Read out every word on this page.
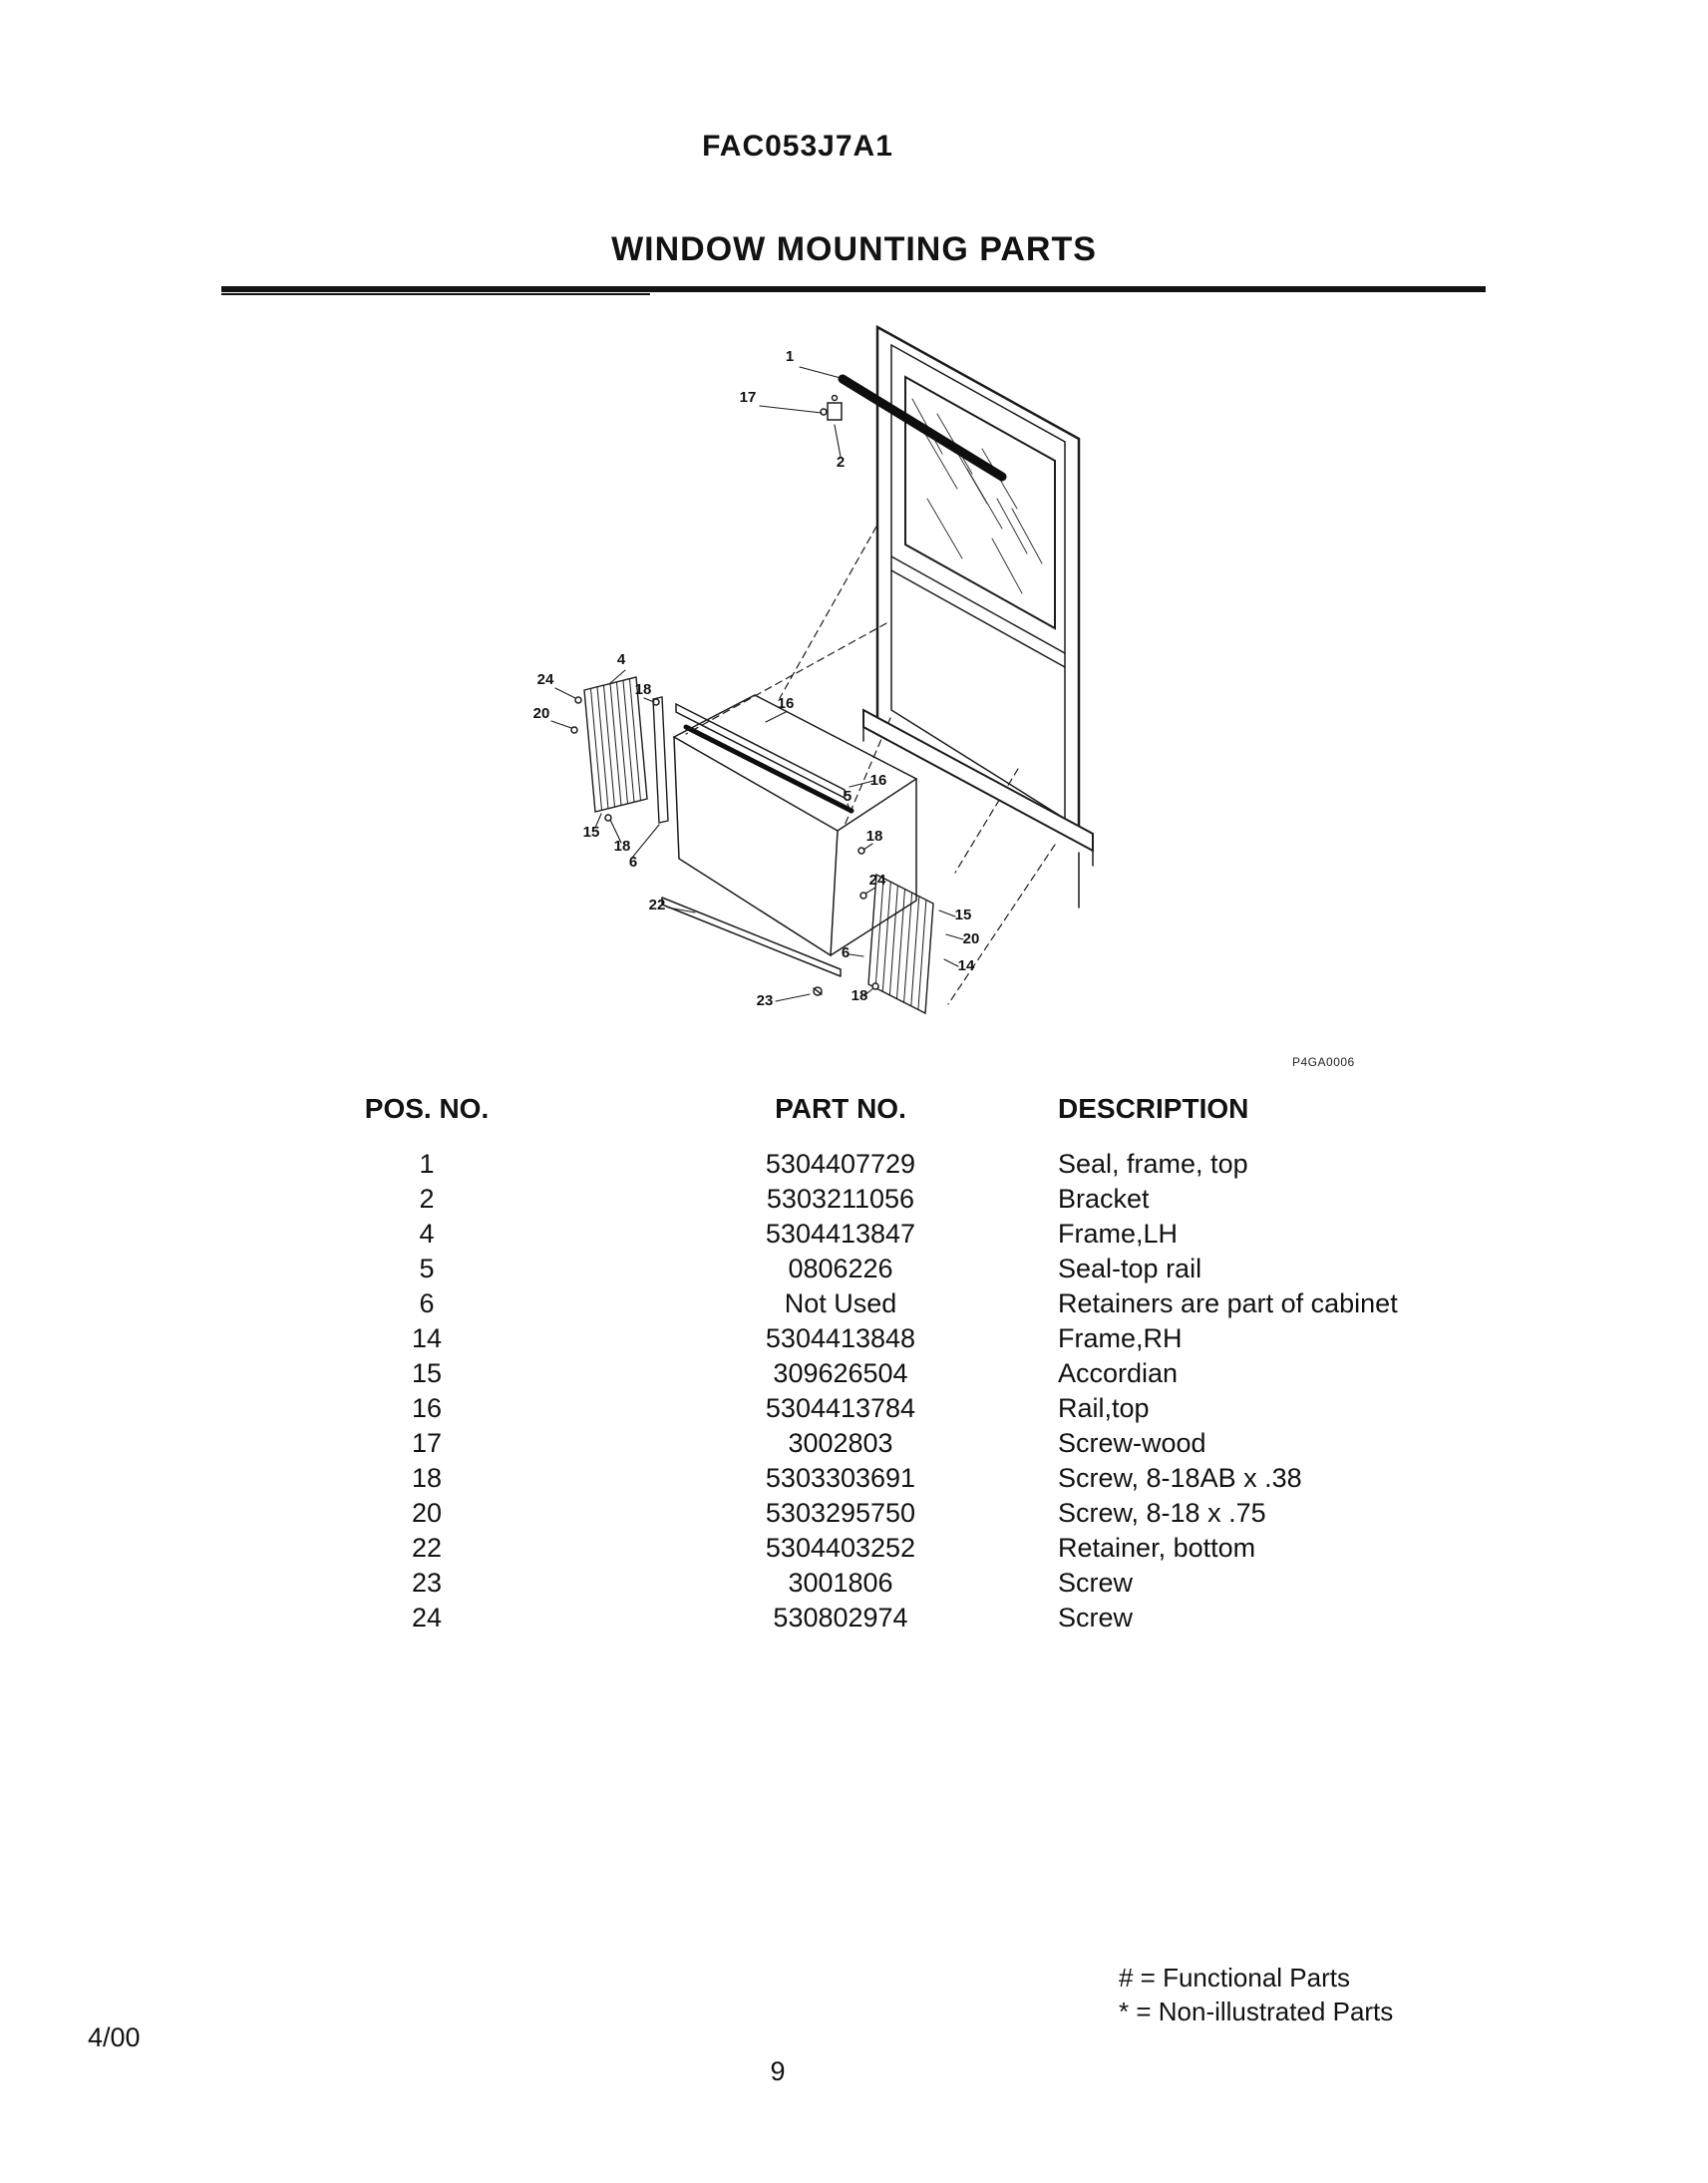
FAC053J7A1
WINDOW MOUNTING PARTS
1
17
2
4
24
20
18
15
18
6
16
16
5
18
24
22
6
18
23
15
20
14
P4GA0006
POS. NO.	PART NO.	DESCRIPTION
1	5304407729	Seal, frame, top
2	5303211056	Bracket
4	5304413847	Frame,LH
5	0806226	Seal-top rail
6	Not Used	Retainers are part of cabinet
14	5304413848	Frame,RH
15	309626504	Accordian
16	5304413784	Rail,top
17	3002803	Screw-wood
18	5303303691	Screw, 8-18AB x .38
20	5303295750	Screw, 8-18 x .75
22	5304403252	Retainer, bottom
23	3001806	Screw
24	530802974	Screw
# = Functional Parts
* = Non-illustrated Parts
4/00
9
